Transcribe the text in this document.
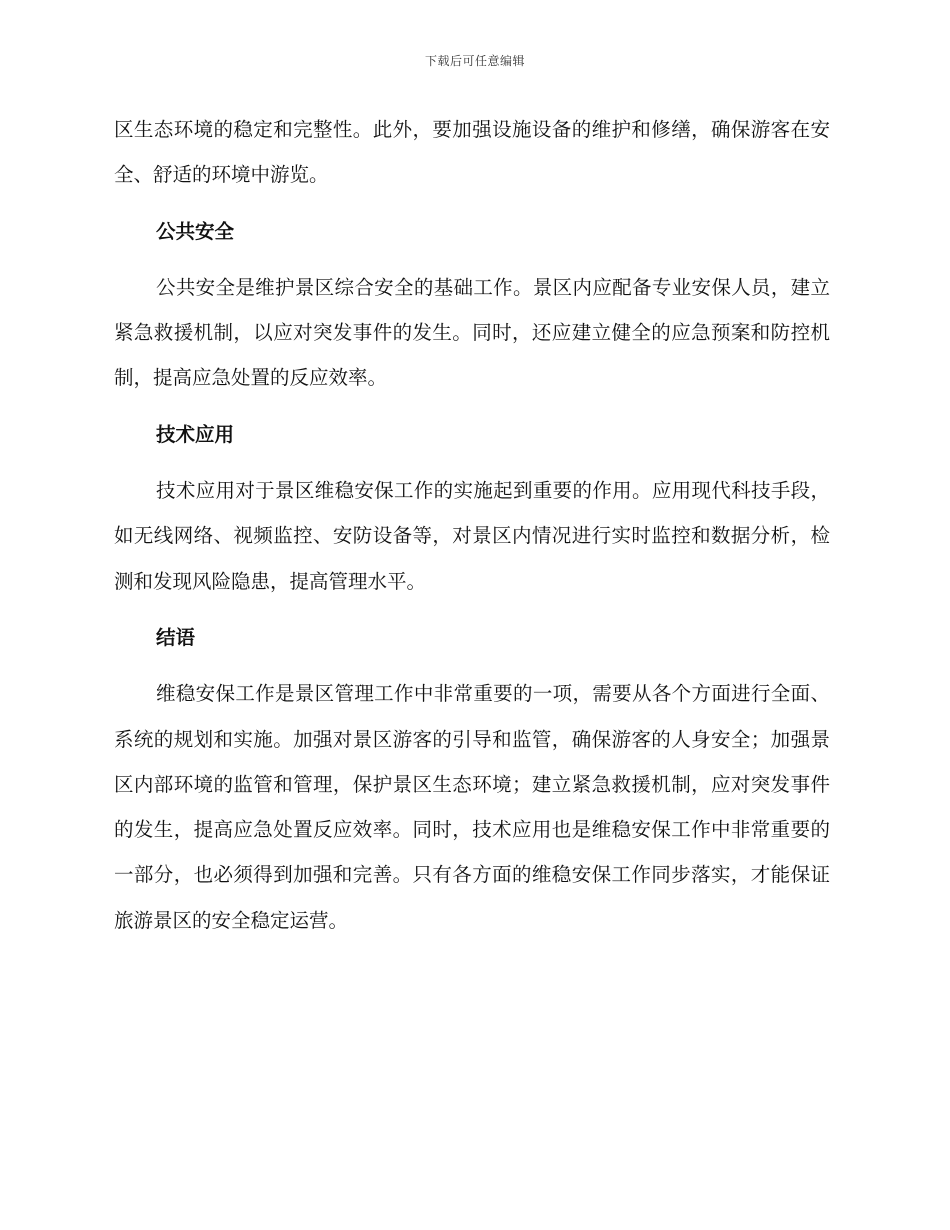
下载后可任意编辑

区生态环境的稳定和完整性。此外，要加强设施设备的维护和修缮，确保游客在安全、舒适的环境中游览。

公共安全

公共安全是维护景区综合安全的基础工作。景区内应配备专业安保人员，建立紧急救援机制，以应对突发事件的发生。同时，还应建立健全的应急预案和防控机制，提高应急处置的反应效率。

技术应用

技术应用对于景区维稳安保工作的实施起到重要的作用。应用现代科技手段，如无线网络、视频监控、安防设备等，对景区内情况进行实时监控和数据分析，检测和发现风险隐患，提高管理水平。

结语

维稳安保工作是景区管理工作中非常重要的一项，需要从各个方面进行全面、系统的规划和实施。加强对景区游客的引导和监管，确保游客的人身安全；加强景区内部环境的监管和管理，保护景区生态环境；建立紧急救援机制，应对突发事件的发生，提高应急处置反应效率。同时，技术应用也是维稳安保工作中非常重要的一部分，也必须得到加强和完善。只有各方面的维稳安保工作同步落实，才能保证旅游景区的安全稳定运营。
